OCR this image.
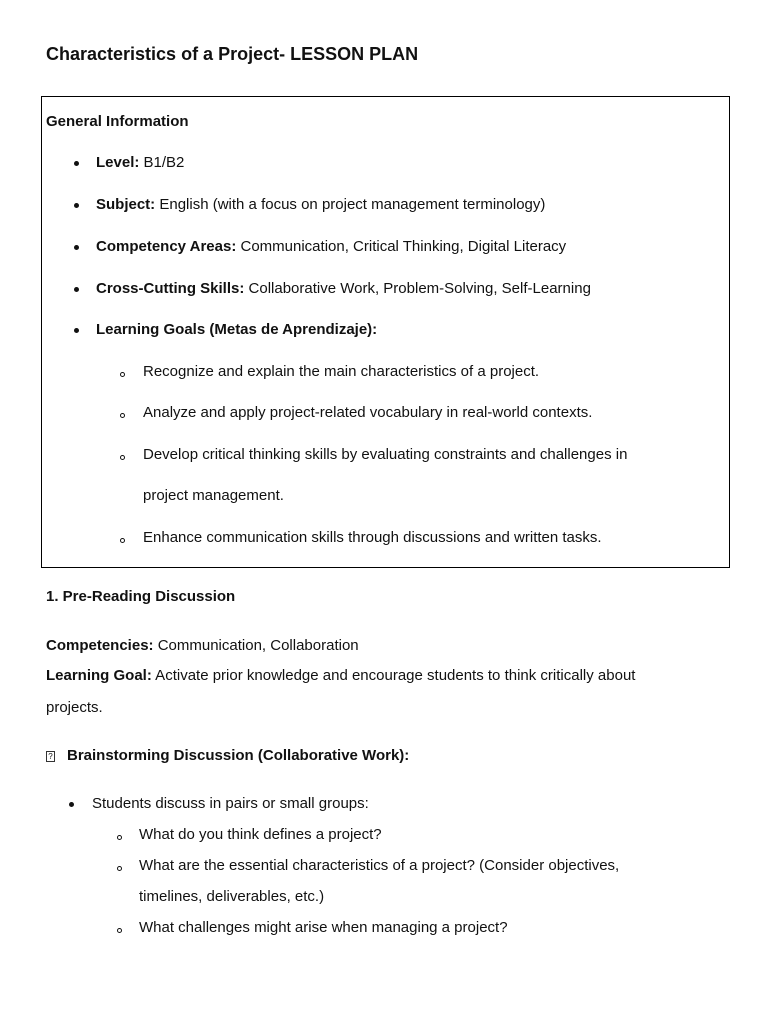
Characteristics of a Project- LESSON PLAN
General Information
Level: B1/B2
Subject: English (with a focus on project management terminology)
Competency Areas: Communication, Critical Thinking, Digital Literacy
Cross-Cutting Skills: Collaborative Work, Problem-Solving, Self-Learning
Learning Goals (Metas de Aprendizaje):
Recognize and explain the main characteristics of a project.
Analyze and apply project-related vocabulary in real-world contexts.
Develop critical thinking skills by evaluating constraints and challenges in
project management.
Enhance communication skills through discussions and written tasks.
1. Pre-Reading Discussion
Competencies: Communication, Collaboration
Learning Goal: Activate prior knowledge and encourage students to think critically about
projects.
? Brainstorming Discussion (Collaborative Work):
Students discuss in pairs or small groups:
What do you think defines a project?
What are the essential characteristics of a project? (Consider objectives,
timelines, deliverables, etc.)
What challenges might arise when managing a project?
